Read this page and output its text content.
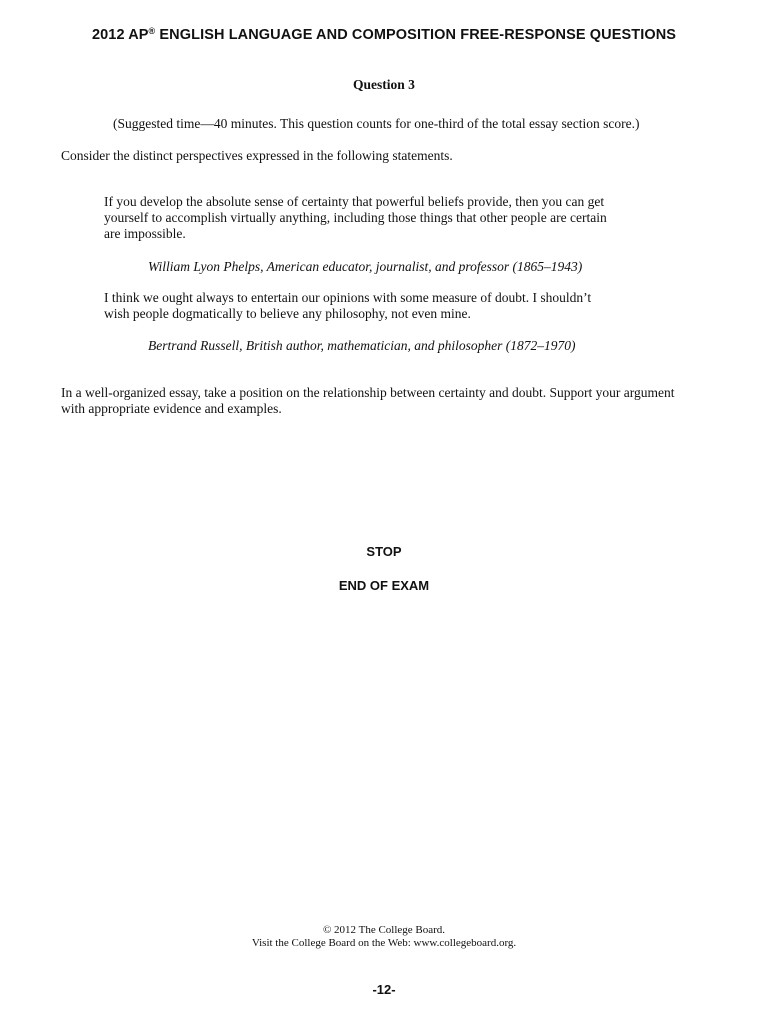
2012 AP® ENGLISH LANGUAGE AND COMPOSITION FREE-RESPONSE QUESTIONS
Question 3
(Suggested time—40 minutes. This question counts for one-third of the total essay section score.)
Consider the distinct perspectives expressed in the following statements.
If you develop the absolute sense of certainty that powerful beliefs provide, then you can get
yourself to accomplish virtually anything, including those things that other people are certain
are impossible.
William Lyon Phelps, American educator, journalist, and professor (1865–1943)
I think we ought always to entertain our opinions with some measure of doubt. I shouldn’t
wish people dogmatically to believe any philosophy, not even mine.
Bertrand Russell, British author, mathematician, and philosopher (1872–1970)
In a well-organized essay, take a position on the relationship between certainty and doubt. Support your argument
with appropriate evidence and examples.
STOP
END OF EXAM
© 2012 The College Board.
Visit the College Board on the Web: www.collegeboard.org.
-12-
